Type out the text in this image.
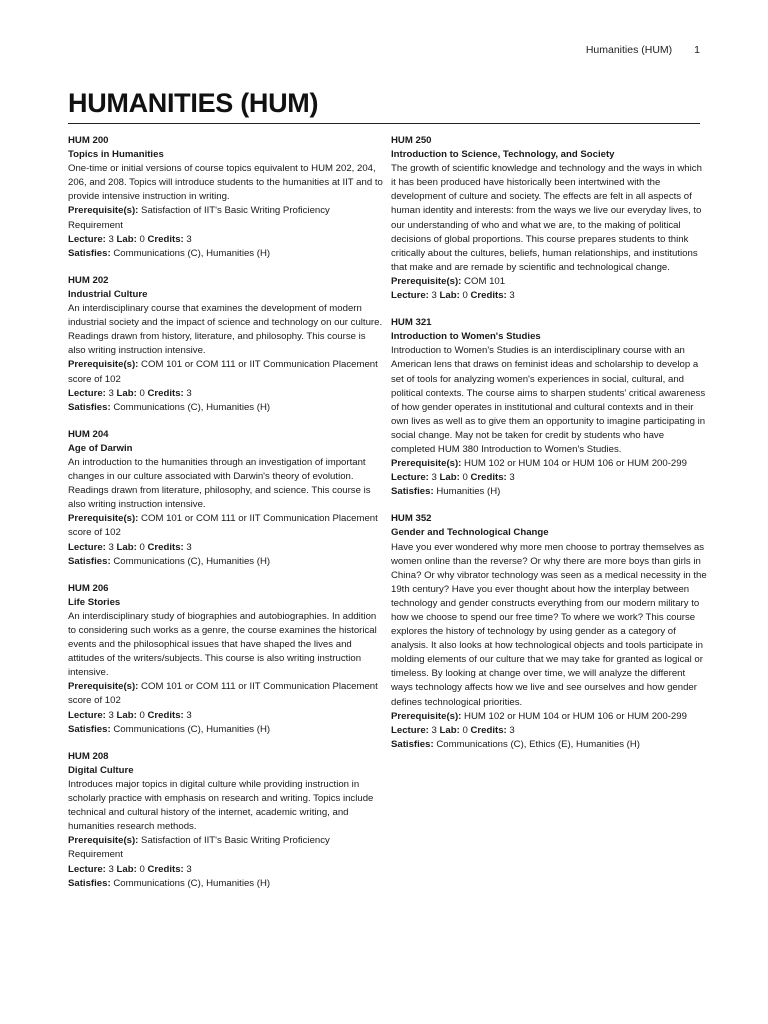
Humanities (HUM) 1
HUMANITIES (HUM)
HUM 200
Topics in Humanities
One-time or initial versions of course topics equivalent to HUM 202, 204, 206, and 208. Topics will introduce students to the humanities at IIT and to provide intensive instruction in writing.
Prerequisite(s): Satisfaction of IIT's Basic Writing Proficiency Requirement
Lecture: 3 Lab: 0 Credits: 3
Satisfies: Communications (C), Humanities (H)
HUM 202
Industrial Culture
An interdisciplinary course that examines the development of modern industrial society and the impact of science and technology on our culture. Readings drawn from history, literature, and philosophy. This course is also writing instruction intensive.
Prerequisite(s): COM 101 or COM 111 or IIT Communication Placement score of 102
Lecture: 3 Lab: 0 Credits: 3
Satisfies: Communications (C), Humanities (H)
HUM 204
Age of Darwin
An introduction to the humanities through an investigation of important changes in our culture associated with Darwin's theory of evolution. Readings drawn from literature, philosophy, and science. This course is also writing instruction intensive.
Prerequisite(s): COM 101 or COM 111 or IIT Communication Placement score of 102
Lecture: 3 Lab: 0 Credits: 3
Satisfies: Communications (C), Humanities (H)
HUM 206
Life Stories
An interdisciplinary study of biographies and autobiographies. In addition to considering such works as a genre, the course examines the historical events and the philosophical issues that have shaped the lives and attitudes of the writers/subjects. This course is also writing instruction intensive.
Prerequisite(s): COM 101 or COM 111 or IIT Communication Placement score of 102
Lecture: 3 Lab: 0 Credits: 3
Satisfies: Communications (C), Humanities (H)
HUM 208
Digital Culture
Introduces major topics in digital culture while providing instruction in scholarly practice with emphasis on research and writing. Topics include technical and cultural history of the internet, academic writing, and humanities research methods.
Prerequisite(s): Satisfaction of IIT's Basic Writing Proficiency Requirement
Lecture: 3 Lab: 0 Credits: 3
Satisfies: Communications (C), Humanities (H)
HUM 250
Introduction to Science, Technology, and Society
The growth of scientific knowledge and technology and the ways in which it has been produced have historically been intertwined with the development of culture and society. The effects are felt in all aspects of human identity and interests: from the ways we live our everyday lives, to our understanding of who and what we are, to the making of political decisions of global proportions. This course prepares students to think critically about the cultures, beliefs, human relationships, and institutions that make and are remade by scientific and technological change.
Prerequisite(s): COM 101
Lecture: 3 Lab: 0 Credits: 3
HUM 321
Introduction to Women's Studies
Introduction to Women's Studies is an interdisciplinary course with an American lens that draws on feminist ideas and scholarship to develop a set of tools for analyzing women's experiences in social, cultural, and political contexts. The course aims to sharpen students' critical awareness of how gender operates in institutional and cultural contexts and in their own lives as well as to give them an opportunity to imagine participating in social change. May not be taken for credit by students who have completed HUM 380 Introduction to Women's Studies.
Prerequisite(s): HUM 102 or HUM 104 or HUM 106 or HUM 200-299
Lecture: 3 Lab: 0 Credits: 3
Satisfies: Humanities (H)
HUM 352
Gender and Technological Change
Have you ever wondered why more men choose to portray themselves as women online than the reverse? Or why there are more boys than girls in China? Or why vibrator technology was seen as a medical necessity in the 19th century? Have you ever thought about how the interplay between technology and gender constructs everything from our modern military to how we choose to spend our free time? To where we work? This course explores the history of technology by using gender as a category of analysis. It also looks at how technological objects and tools participate in molding elements of our culture that we may take for granted as logical or timeless. By looking at change over time, we will analyze the different ways technology affects how we live and see ourselves and how gender defines technological priorities.
Prerequisite(s): HUM 102 or HUM 104 or HUM 106 or HUM 200-299
Lecture: 3 Lab: 0 Credits: 3
Satisfies: Communications (C), Ethics (E), Humanities (H)
